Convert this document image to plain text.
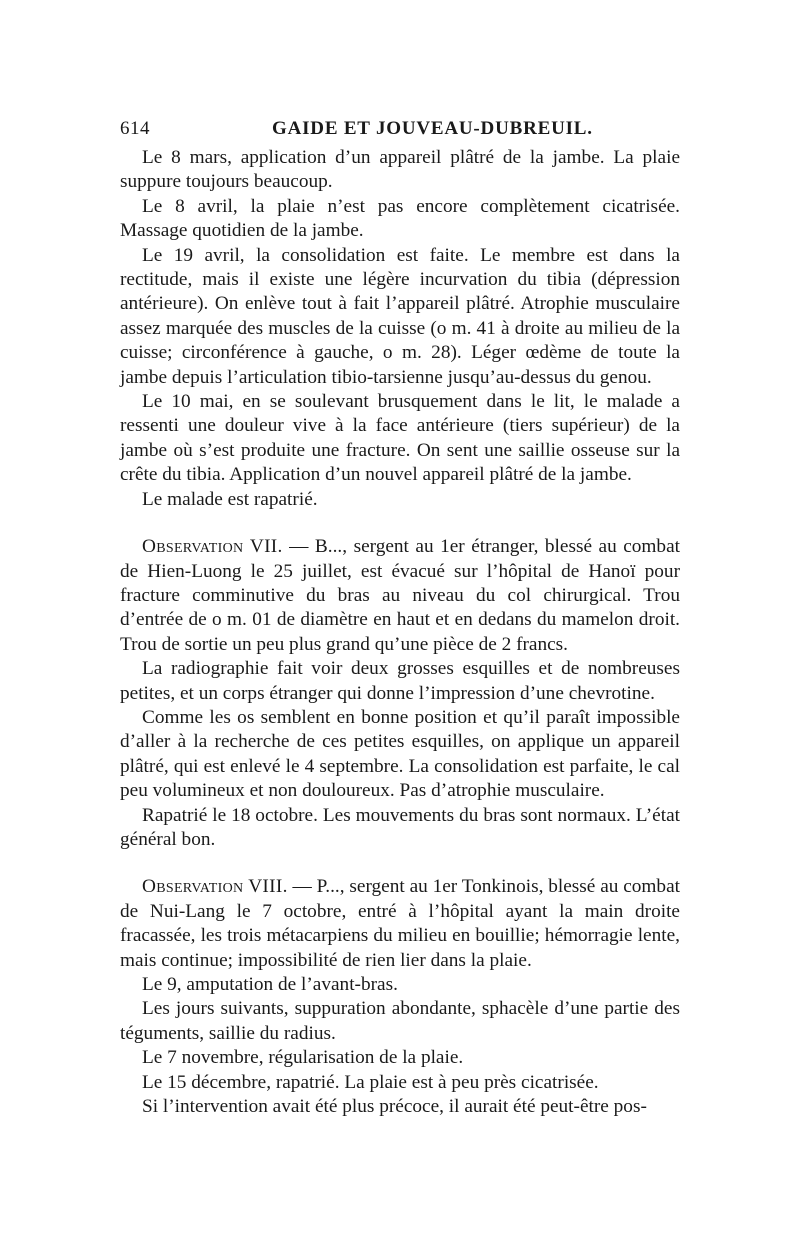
614	GAIDE ET JOUVEAU-DUBREUIL.

Le 8 mars, application d’un appareil plâtré de la jambe. La plaie suppure toujours beaucoup.

Le 8 avril, la plaie n’est pas encore complètement cicatrisée. Massage quotidien de la jambe.

Le 19 avril, la consolidation est faite. Le membre est dans la rectitude, mais il existe une légère incurvation du tibia (dépression antérieure). On enlève tout à fait l’appareil plâtré. Atrophie musculaire assez marquée des muscles de la cuisse (o m. 41 à droite au milieu de la cuisse; circonférence à gauche, o m. 28). Léger œdème de toute la jambe depuis l’articulation tibio-tarsienne jusqu’au-dessus du genou.

Le 10 mai, en se soulevant brusquement dans le lit, le malade a ressenti une douleur vive à la face antérieure (tiers supérieur) de la jambe où s’est produite une fracture. On sent une saillie osseuse sur la crête du tibia. Application d’un nouvel appareil plâtré de la jambe.

Le malade est rapatrié.

Observation VII. — B..., sergent au 1er étranger, blessé au combat de Hien-Luong le 25 juillet, est évacué sur l’hôpital de Hanoï pour fracture comminutive du bras au niveau du col chirurgical. Trou d’entrée de o m. 01 de diamètre en haut et en dedans du mamelon droit. Trou de sortie un peu plus grand qu’une pièce de 2 francs.

La radiographie fait voir deux grosses esquilles et de nombreuses petites, et un corps étranger qui donne l’impression d’une chevrotine.

Comme les os semblent en bonne position et qu’il paraît impossible d’aller à la recherche de ces petites esquilles, on applique un appareil plâtré, qui est enlevé le 4 septembre. La consolidation est parfaite, le cal peu volumineux et non douloureux. Pas d’atrophie musculaire.

Rapatrié le 18 octobre. Les mouvements du bras sont normaux. L’état général bon.

Observation VIII. — P..., sergent au 1er Tonkinois, blessé au combat de Nui-Lang le 7 octobre, entré à l’hôpital ayant la main droite fracassée, les trois métacarpiens du milieu en bouillie; hémorragie lente, mais continue; impossibilité de rien lier dans la plaie.

Le 9, amputation de l’avant-bras.

Les jours suivants, suppuration abondante, sphacèle d’une partie des téguments, saillie du radius.

Le 7 novembre, régularisation de la plaie.

Le 15 décembre, rapatrié. La plaie est à peu près cicatrisée.

Si l’intervention avait été plus précoce, il aurait été peut-être pos-
